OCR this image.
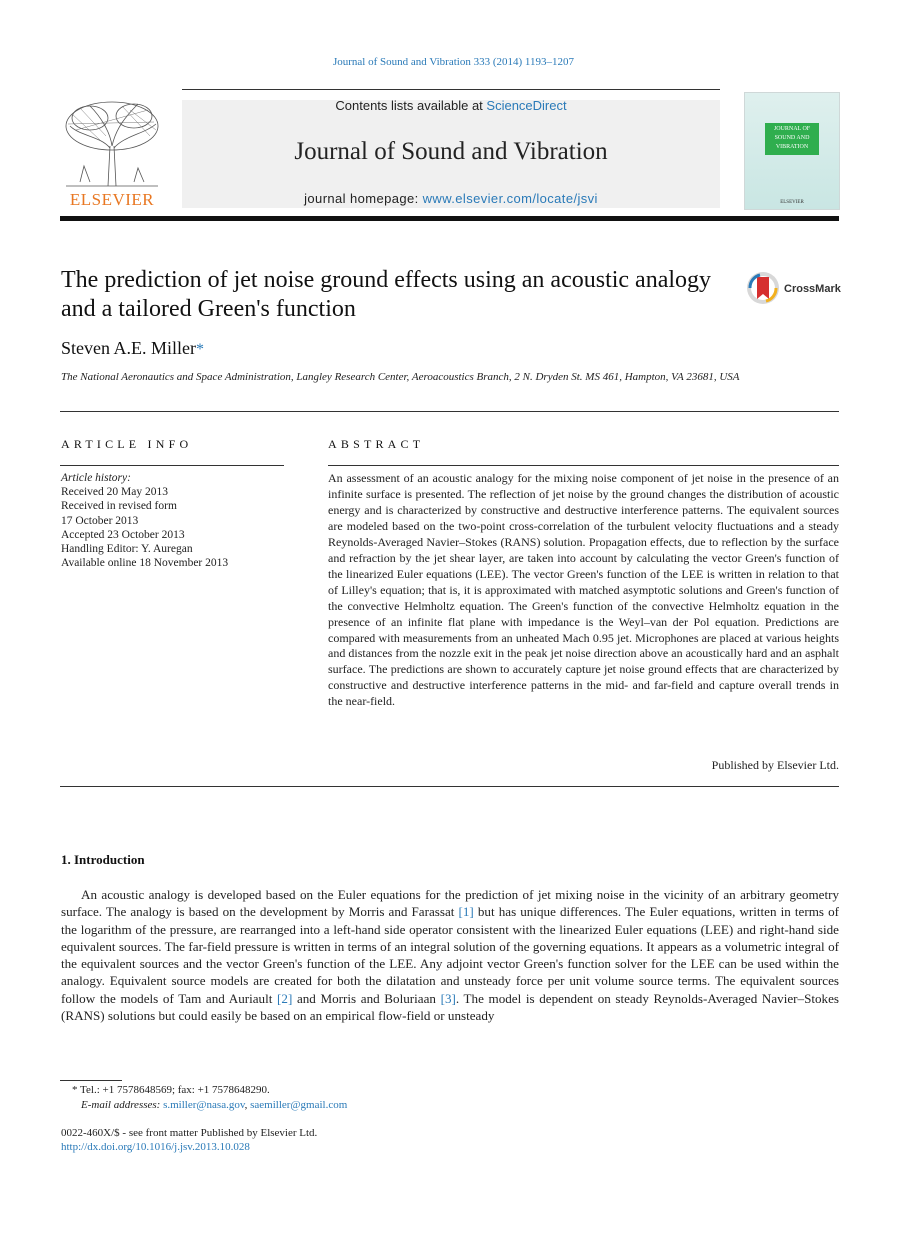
Journal of Sound and Vibration 333 (2014) 1193–1207
ELSEVIER
Contents lists available at ScienceDirect
Journal of Sound and Vibration
journal homepage: www.elsevier.com/locate/jsvi
JOURNAL OF SOUND AND VIBRATION
ELSEVIER
The prediction of jet noise ground effects using an acoustic analogy and a tailored Green's function
CrossMark
Steven A.E. Miller*
The National Aeronautics and Space Administration, Langley Research Center, Aeroacoustics Branch, 2 N. Dryden St. MS 461, Hampton, VA 23681, USA
ARTICLE INFO
Article history:
Received 20 May 2013
Received in revised form
17 October 2013
Accepted 23 October 2013
Handling Editor: Y. Auregan
Available online 18 November 2013
ABSTRACT
An assessment of an acoustic analogy for the mixing noise component of jet noise in the presence of an infinite surface is presented. The reflection of jet noise by the ground changes the distribution of acoustic energy and is characterized by constructive and destructive interference patterns. The equivalent sources are modeled based on the two-point cross-correlation of the turbulent velocity fluctuations and a steady Reynolds-Averaged Navier–Stokes (RANS) solution. Propagation effects, due to reflection by the surface and refraction by the jet shear layer, are taken into account by calculating the vector Green's function of the linearized Euler equations (LEE). The vector Green's function of the LEE is written in relation to that of Lilley's equation; that is, it is approximated with matched asymptotic solutions and Green's function of the convective Helmholtz equation. The Green's function of the convective Helmholtz equation in the presence of an infinite flat plane with impedance is the Weyl–van der Pol equation. Predictions are compared with measurements from an unheated Mach 0.95 jet. Microphones are placed at various heights and distances from the nozzle exit in the peak jet noise direction above an acoustically hard and an asphalt surface. The predictions are shown to accurately capture jet noise ground effects that are characterized by constructive and destructive interference patterns in the mid- and far-field and capture overall trends in the near-field.
Published by Elsevier Ltd.
1. Introduction
An acoustic analogy is developed based on the Euler equations for the prediction of jet mixing noise in the vicinity of an arbitrary geometry surface. The analogy is based on the development by Morris and Farassat [1] but has unique differences. The Euler equations, written in terms of the logarithm of the pressure, are rearranged into a left-hand side operator consistent with the linearized Euler equations (LEE) and right-hand side equivalent sources. The far-field pressure is written in terms of an integral solution of the governing equations. It appears as a volumetric integral of the equivalent sources and the vector Green's function of the LEE. Any adjoint vector Green's function solver for the LEE can be used within the analogy. Equivalent source models are created for both the dilatation and unsteady force per unit volume source terms. The equivalent sources follow the models of Tam and Auriault [2] and Morris and Boluriaan [3]. The model is dependent on steady Reynolds-Averaged Navier–Stokes (RANS) solutions but could easily be based on an empirical flow-field or unsteady
* Tel.: +1 7578648569; fax: +1 7578648290.
E-mail addresses: s.miller@nasa.gov, saemiller@gmail.com
0022-460X/$ - see front matter Published by Elsevier Ltd.
http://dx.doi.org/10.1016/j.jsv.2013.10.028
